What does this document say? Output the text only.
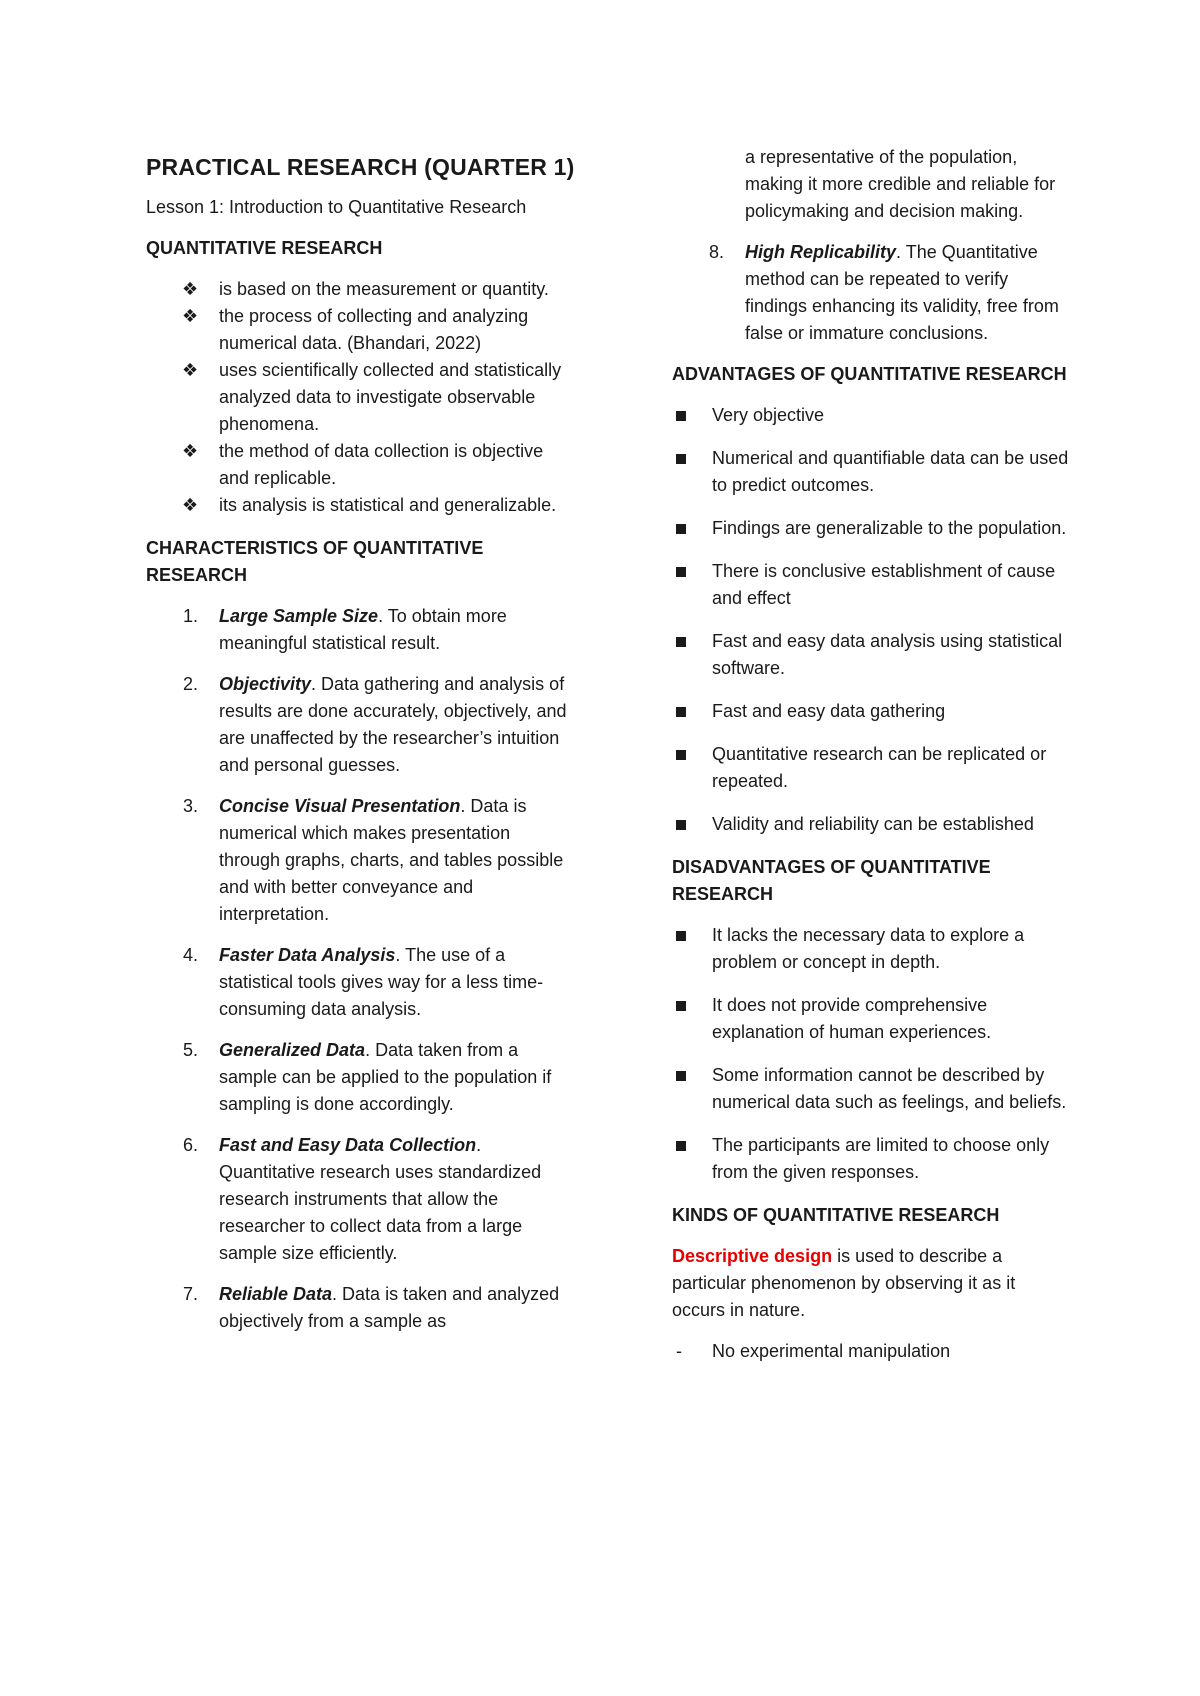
PRACTICAL RESEARCH (QUARTER 1)

Lesson 1: Introduction to Quantitative Research

QUANTITATIVE RESEARCH
❖ is based on the measurement or quantity.
❖ the process of collecting and analyzing numerical data. (Bhandari, 2022)
❖ uses scientifically collected and statistically analyzed data to investigate observable phenomena.
❖ the method of data collection is objective and replicable.
❖ its analysis is statistical and generalizable.
CHARACTERISTICS OF QUANTITATIVE RESEARCH
1. Large Sample Size. To obtain more meaningful statistical result.
2. Objectivity. Data gathering and analysis of results are done accurately, objectively, and are unaffected by the researcher’s intuition and personal guesses.
3. Concise Visual Presentation. Data is numerical which makes presentation through graphs, charts, and tables possible and with better conveyance and interpretation.
4. Faster Data Analysis. The use of a statistical tools gives way for a less time-consuming data analysis.
5. Generalized Data. Data taken from a sample can be applied to the population if sampling is done accordingly.
6. Fast and Easy Data Collection. Quantitative research uses standardized research instruments that allow the researcher to collect data from a large sample size efficiently.
7. Reliable Data. Data is taken and analyzed objectively from a sample as
a representative of the population, making it more credible and reliable for policymaking and decision making.
8. High Replicability. The Quantitative method can be repeated to verify findings enhancing its validity, free from false or immature conclusions.
ADVANTAGES OF QUANTITATIVE RESEARCH
Very objective
Numerical and quantifiable data can be used to predict outcomes.
Findings are generalizable to the population.
There is conclusive establishment of cause and effect
Fast and easy data analysis using statistical software.
Fast and easy data gathering
Quantitative research can be replicated or repeated.
Validity and reliability can be established
DISADVANTAGES OF QUANTITATIVE RESEARCH
It lacks the necessary data to explore a problem or concept in depth.
It does not provide comprehensive explanation of human experiences.
Some information cannot be described by numerical data such as feelings, and beliefs.
The participants are limited to choose only from the given responses.
KINDS OF QUANTITATIVE RESEARCH

Descriptive design is used to describe a particular phenomenon by observing it as it occurs in nature.

- No experimental manipulation
